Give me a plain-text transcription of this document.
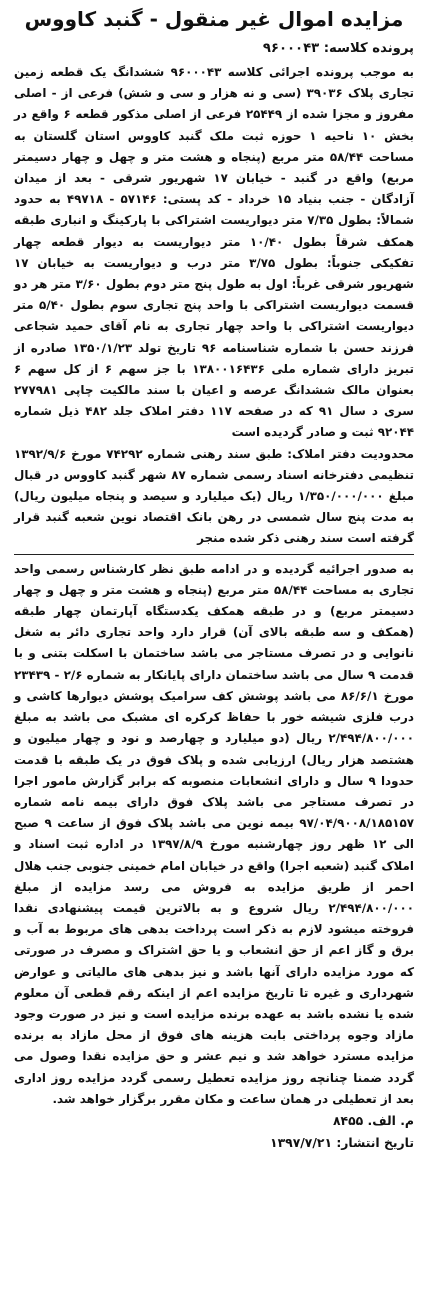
مزایده اموال غیر منقول - گنبد کاووس
پرونده کلاسه: ۹۶۰۰۰۴۳

به موجب پرونده اجرائی کلاسه ۹۶۰۰۰۴۳ ششدانگ یک قطعه زمین تجاری پلاک ۳۹۰۳۶ (سی و نه هزار و سی و شش) فرعی از - اصلی مفروز و مجزا شده از ۲۵۴۴۹ فرعی از اصلی مذکور قطعه ۶ واقع در بخش ۱۰ ناحیه ۱ حوزه ثبت ملک گنبد کاووس استان گلستان به مساحت ۵۸/۴۴ متر مربع (پنجاه و هشت متر و چهل و چهار دسیمتر مربع) واقع در گنبد - خیابان ۱۷ شهریور شرقی - بعد از میدان آزادگان - جنب بنیاد ۱۵ خرداد - کد پستی: ۵۷۱۴۶ - ۴۹۷۱۸ به حدود شمالاً: بطول ۷/۳۵ متر دیواریست اشتراکی با پارکینگ و انباری طبقه همکف شرقاً بطول ۱۰/۴۰ متر دیواریست به دیوار قطعه چهار تفکیکی جنوباً: بطول ۳/۷۵ متر درب و دیواریست به خیابان ۱۷ شهریور شرقی غرباً: اول به طول پنج متر دوم بطول ۳/۶۰ متر هر دو قسمت دیواریست اشتراکی با واحد پنج تجاری سوم بطول ۵/۴۰ متر دیواریست اشتراکی با واحد چهار تجاری به نام آقای حمید شجاعی فرزند حسن با شماره شناسنامه ۹۶ تاریخ تولد ۱۳۵۰/۱/۲۳ صادره از تبریز دارای شماره ملی ۱۳۸۰۰۱۶۴۳۶ با جز سهم ۶ از کل سهم ۶ بعنوان مالک ششدانگ عرصه و اعیان با سند مالکیت چاپی ۲۷۷۹۸۱ سری د سال ۹۱ که در صفحه ۱۱۷ دفتر املاک جلد ۴۸۲ ذیل شماره ۹۲۰۴۴ ثبت و صادر گردیده است

محدودیت دفتر املاک: طبق سند رهنی شماره ۷۴۲۹۲ مورخ ۱۳۹۲/۹/۶ تنظیمی دفترخانه اسناد رسمی شماره ۸۷ شهر گنبد کاووس در قبال مبلغ ۱/۳۵۰/۰۰۰/۰۰۰ ریال (یک میلیارد و سیصد و پنجاه میلیون ریال) به مدت پنج سال شمسی در رهن بانک اقتصاد نوین شعبه گنبد قرار گرفته است سند رهنی ذکر شده منجر

به صدور اجرائیه گردیده و در ادامه طبق نظر کارشناس رسمی واحد تجاری به مساحت ۵۸/۴۴ متر مربع (پنجاه و هشت متر و چهل و چهار دسیمتر مربع) و در طبقه همکف یکدستگاه آپارتمان چهار طبقه (همکف و سه طبقه بالای آن) قرار دارد واحد تجاری دائر به شغل نانوایی و در تصرف مستاجر می باشد ساختمان با اسکلت بتنی و با قدمت ۹ سال می باشد ساختمان دارای پایانکار به شماره ۲/۶ - ۲۳۴۳۹ مورخ ۸۶/۶/۱ می باشد پوشش کف سرامیک پوشش دیوارها کاشی و درب فلزی شیشه خور با حفاظ کرکره ای مشبک می باشد به مبلغ ۲/۴۹۴/۸۰۰/۰۰۰ ریال (دو میلیارد و چهارصد و نود و چهار میلیون و هشتصد هزار ریال) ارزیابی شده و پلاک فوق در یک طبقه با قدمت حدودا ۹ سال و دارای انشعابات منصوبه که برابر گزارش مامور اجرا در تصرف مستاجر می باشد پلاک فوق دارای بیمه نامه شماره ۹۷/۰۴/۹۰۰۸/۱۸۵۱۵۷ بیمه نوین می باشد پلاک فوق از ساعت ۹ صبح الی ۱۲ ظهر روز چهارشنبه مورخ ۱۳۹۷/۸/۹ در اداره ثبت اسناد و املاک گنبد (شعبه اجرا) واقع در خیابان امام خمینی جنوبی جنب هلال احمر از طریق مزایده به فروش می رسد مزایده از مبلغ ۲/۴۹۴/۸۰۰/۰۰۰ ریال شروع و به بالاترین قیمت پیشنهادی نقدا فروخته میشود لازم به ذکر است پرداخت بدهی های مربوط به آب و برق و گاز اعم از حق انشعاب و یا حق اشتراک و مصرف در صورتی که مورد مزایده دارای آنها باشد و نیز بدهی های مالیاتی و عوارض شهرداری و غیره تا تاریخ مزایده اعم از اینکه رقم قطعی آن معلوم شده یا نشده باشد به عهده برنده مزایده است و نیز در صورت وجود مازاد وجوه پرداختی بابت هزینه های فوق از محل مازاد به برنده مزایده مسترد خواهد شد و نیم عشر و حق مزایده نقدا وصول می گردد ضمنا چنانچه روز مزایده تعطیل رسمی گردد مزایده روز اداری بعد از تعطیلی در همان ساعت و مکان مقرر برگزار خواهد شد.

م. الف. ۸۴۵۵
تاریخ انتشار: ۱۳۹۷/۷/۲۱
